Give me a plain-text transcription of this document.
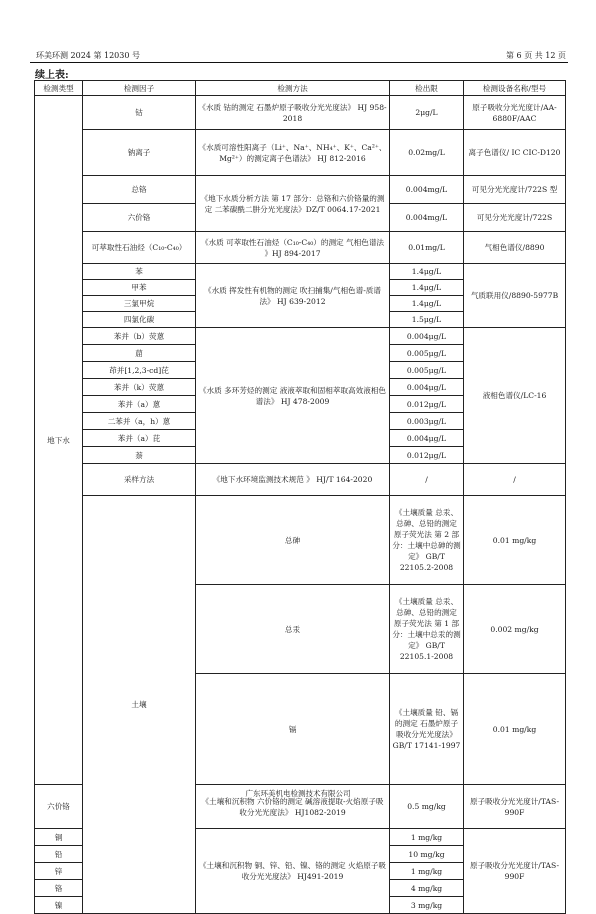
环美环测 2024 第 12030 号	第 6 页 共 12 页
续上表:
检测类型	检测因子	检测方法	检出限	检测设备名称/型号	
地下水	钴	《水质 钴的测定 石墨炉原子吸收分光光度法》 HJ 958-2018	2μg/L	原子吸收分光光度计/AA-6880F/AAC	
	钠离子	《水质可溶性阳离子（Li⁺、Na⁺、NH₄⁺、K⁺、Ca²⁺、Mg²⁺）的测定离子色谱法》 HJ 812-2016	0.02mg/L	离子色谱仪/ IC CIC-D120	
	总铬	《地下水质分析方法 第 17 部分：总铬和六价铬量的测定 二苯碳酰二肼分光光度法》DZ/T 0064.17-2021	0.004mg/L	可见分光光度计/722S 型	
	六价铬		0.004mg/L	可见分光光度计/722S	
	可萃取性石油烃（C₁₀-C₄₀）	《水质 可萃取性石油烃（C₁₀-C₄₀）的测定 气相色谱法 》HJ 894-2017	0.01mg/L	气相色谱仪/8890	
	苯	《水质 挥发性有机物的测定 吹扫捕集/气相色谱-质谱法》 HJ 639-2012	1.4μg/L	气质联用仪/8890-5977B	
	甲苯		1.4μg/L		
	三氯甲烷		1.4μg/L		
	四氯化碳		1.5μg/L		
	苯并（b）荧蒽	《水质 多环芳烃的测定 液液萃取和固相萃取高效液相色谱法》 HJ 478-2009	0.004μg/L	液相色谱仪/LC-16	
	䓛		0.005μg/L		
	茚并[1,2,3-cd]芘		0.005μg/L		
	苯并（k）荧蒽		0.004μg/L		
	苯并（a）蒽		0.012μg/L		
	二苯并（a，h）蒽		0.003μg/L		
	苯并（a）芘		0.004μg/L		
	萘		0.012μg/L		
	采样方法	《地下水环境监测技术规范 》 HJ/T 164-2020	/	/	
	土壤	总砷	《土壤质量 总汞、总砷、总铅的测定 原子荧光法 第 2 部分：土壤中总砷的测定》 GB/T 22105.2-2008	0.01 mg/kg	
		总汞	《土壤质量 总汞、总砷、总铅的测定 原子荧光法 第 1 部分：土壤中总汞的测定》 GB/T 22105.1-2008	0.002 mg/kg	
		镉	《土壤质量 铅、镉的测定 石墨炉原子吸收分光光度法》 GB/T 17141-1997	0.01 mg/kg	
六价铬		《土壤和沉积物 六价铬的测定 碱溶液提取-火焰原子吸收分光光度法》 HJ1082-2019	0.5 mg/kg	原子吸收分光光度计/TAS-990F	
铜		《土壤和沉积物 铜、锌、铅、镍、铬的测定 火焰原子吸收分光光度法》 HJ491-2019	1 mg/kg	原子吸收分光光度计/TAS-990F	
铅			10 mg/kg		
锌			1 mg/kg		
铬			4 mg/kg		
镍			3 mg/kg		
广东环美机电检测技术有限公司
